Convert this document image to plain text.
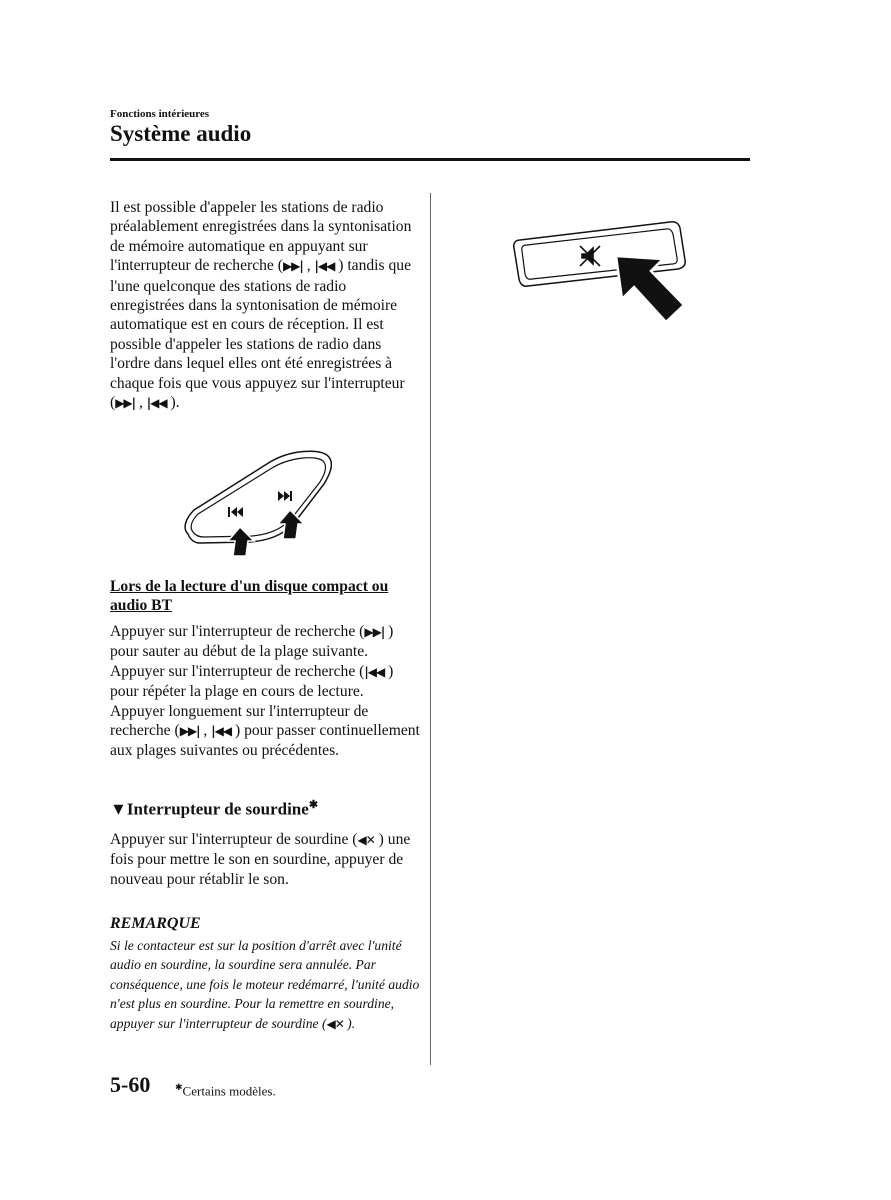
Fonctions intérieures
Système audio

Il est possible d'appeler les stations de radio préalablement enregistrées dans la syntonisation de mémoire automatique en appuyant sur l'interrupteur de recherche (▶▶| , |◀◀ ) tandis que l'une quelconque des stations de radio enregistrées dans la syntonisation de mémoire automatique est en cours de réception. Il est possible d'appeler les stations de radio dans l'ordre dans lequel elles ont été enregistrées à chaque fois que vous appuyez sur l'interrupteur (▶▶| , |◀◀ ).

Lors de la lecture d'un disque compact ou audio BT

Appuyer sur l'interrupteur de recherche (▶▶| ) pour sauter au début de la plage suivante. Appuyer sur l'interrupteur de recherche (|◀◀ ) pour répéter la plage en cours de lecture. Appuyer longuement sur l'interrupteur de recherche (▶▶| , |◀◀ ) pour passer continuellement aux plages suivantes ou précédentes.

▼Interrupteur de sourdine✱

Appuyer sur l'interrupteur de sourdine (◀✕ ) une fois pour mettre le son en sourdine, appuyer de nouveau pour rétablir le son.

REMARQUE

Si le contacteur est sur la position d'arrêt avec l'unité audio en sourdine, la sourdine sera annulée. Par conséquence, une fois le moteur redémarré, l'unité audio n'est plus en sourdine. Pour la remettre en sourdine, appuyer sur l'interrupteur de sourdine (◀✕ ).

5-60	✱Certains modèles.
